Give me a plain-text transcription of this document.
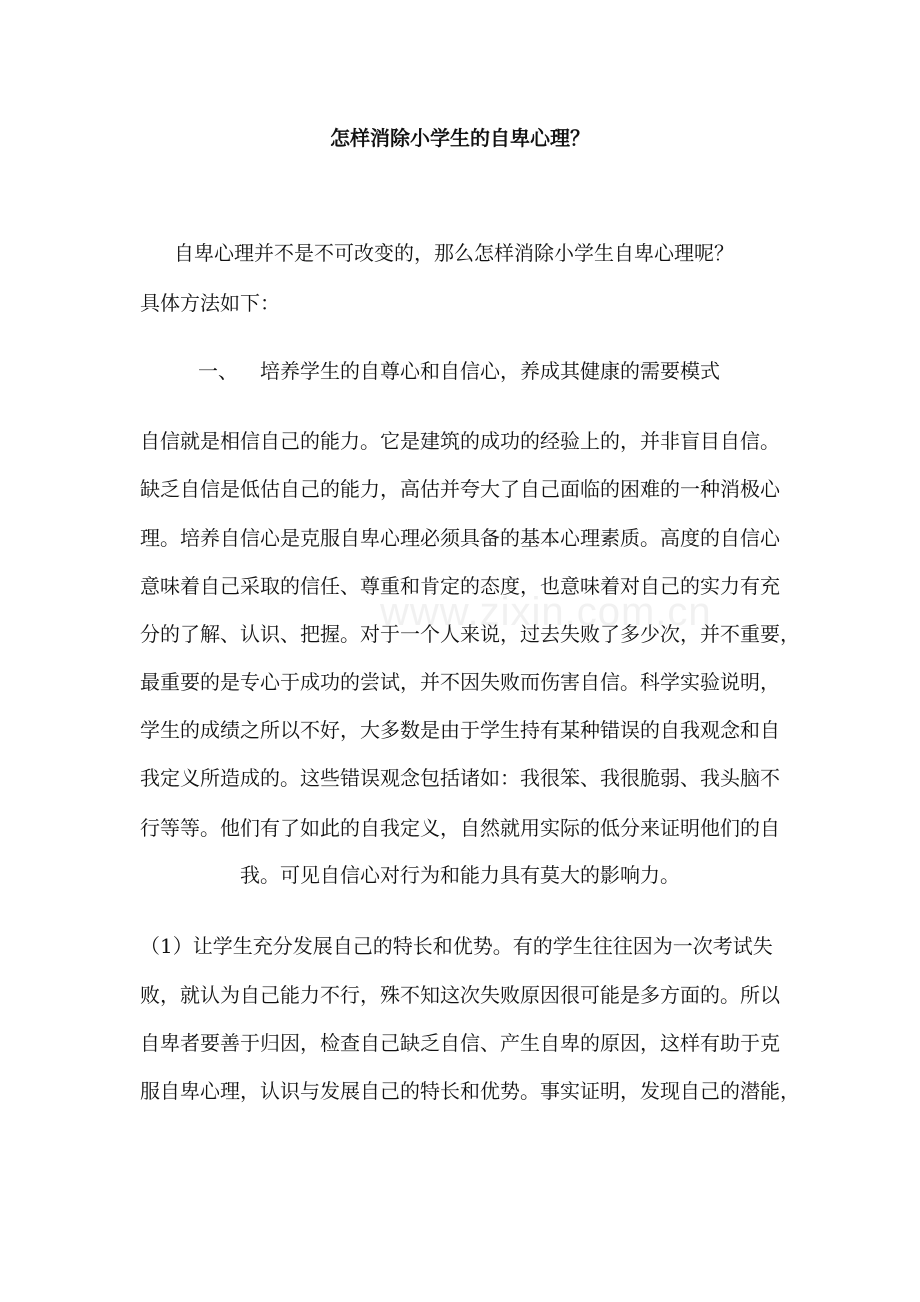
怎样消除小学生的自卑心理？

自卑心理并不是不可改变的，那么怎样消除小学生自卑心理呢？

具体方法如下：

一、 培养学生的自尊心和自信心，养成其健康的需要模式

自信就是相信自己的能力。它是建筑的成功的经验上的，并非盲目自信。

缺乏自信是低估自己的能力，高估并夸大了自己面临的困难的一种消极心

理。培养自信心是克服自卑心理必须具备的基本心理素质。高度的自信心

意味着自己采取的信任、尊重和肯定的态度，也意味着对自己的实力有充

分的了解、认识、把握。对于一个人来说，过去失败了多少次，并不重要，

最重要的是专心于成功的尝试，并不因失败而伤害自信。科学实验说明，

学生的成绩之所以不好，大多数是由于学生持有某种错误的自我观念和自

我定义所造成的。这些错误观念包括诸如：我很笨、我很脆弱、我头脑不

行等等。他们有了如此的自我定义，自然就用实际的低分来证明他们的自

我。可见自信心对行为和能力具有莫大的影响力。

（1）让学生充分发展自己的特长和优势。有的学生往往因为一次考试失

败，就认为自己能力不行，殊不知这次失败原因很可能是多方面的。所以

自卑者要善于归因，检查自己缺乏自信、产生自卑的原因，这样有助于克

服自卑心理，认识与发展自己的特长和优势。事实证明，发现自己的潜能，

www.zixin.com.cn
